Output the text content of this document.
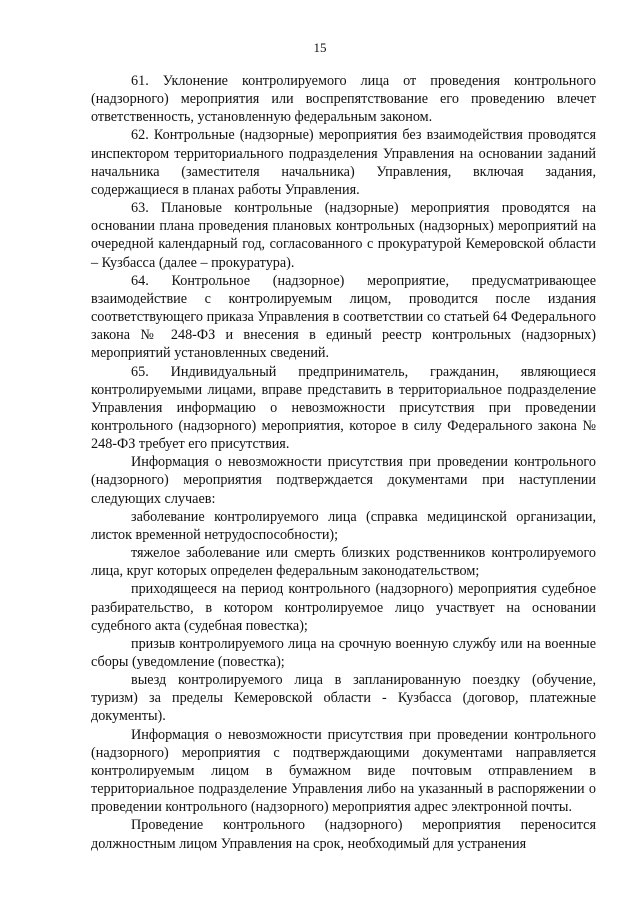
15

61. Уклонение контролируемого лица от проведения контрольного (надзорного) мероприятия или воспрепятствование его проведению влечет ответственность, установленную федеральным законом.

62. Контрольные (надзорные) мероприятия без взаимодействия проводятся инспектором территориального подразделения Управления на основании заданий начальника (заместителя начальника) Управления, включая задания, содержащиеся в планах работы Управления.

63. Плановые контрольные (надзорные) мероприятия проводятся на основании плана проведения плановых контрольных (надзорных) мероприятий на очередной календарный год, согласованного с прокуратурой Кемеровской области – Кузбасса (далее – прокуратура).

64. Контрольное (надзорное) мероприятие, предусматривающее взаимодействие с контролируемым лицом, проводится после издания соответствующего приказа Управления в соответствии со статьей 64 Федерального закона № 248-ФЗ и внесения в единый реестр контрольных (надзорных) мероприятий установленных сведений.

65. Индивидуальный предприниматель, гражданин, являющиеся контролируемыми лицами, вправе представить в территориальное подразделение Управления информацию о невозможности присутствия при проведении контрольного (надзорного) мероприятия, которое в силу Федерального закона № 248-ФЗ требует его присутствия.

Информация о невозможности присутствия при проведении контрольного (надзорного) мероприятия подтверждается документами при наступлении следующих случаев:

заболевание контролируемого лица (справка медицинской организации, листок временной нетрудоспособности);

тяжелое заболевание или смерть близких родственников контролируемого лица, круг которых определен федеральным законодательством;

приходящееся на период контрольного (надзорного) мероприятия судебное разбирательство, в котором контролируемое лицо участвует на основании судебного акта (судебная повестка);

призыв контролируемого лица на срочную военную службу или на военные сборы (уведомление (повестка);

выезд контролируемого лица в запланированную поездку (обучение, туризм) за пределы Кемеровской области - Кузбасса (договор, платежные документы).

Информация о невозможности присутствия при проведении контрольного (надзорного) мероприятия с подтверждающими документами направляется контролируемым лицом в бумажном виде почтовым отправлением в территориальное подразделение Управления либо на указанный в распоряжении о проведении контрольного (надзорного) мероприятия адрес электронной почты.

Проведение контрольного (надзорного) мероприятия переносится должностным лицом Управления на срок, необходимый для устранения
